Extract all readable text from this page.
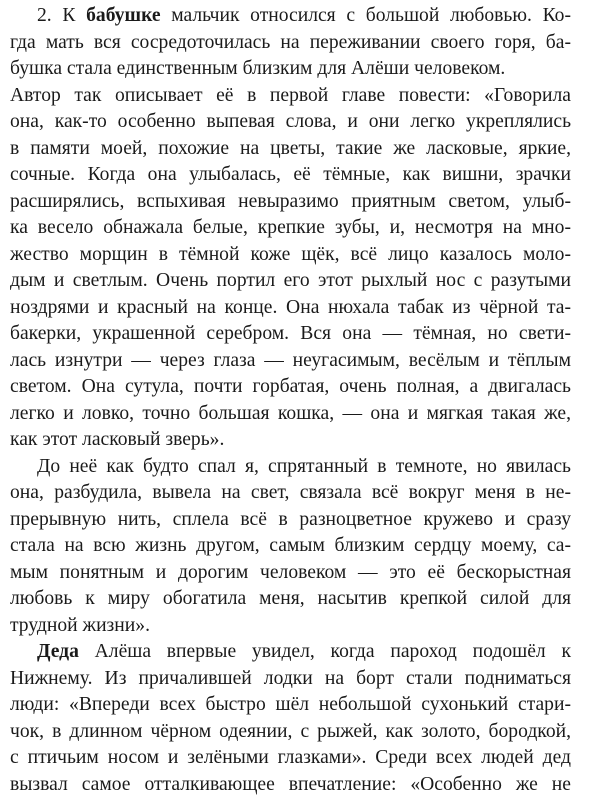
2. К бабушке мальчик относился с большой любовью. Ко-
гда мать вся сосредоточилась на переживании своего горя, ба-
бушка стала единственным близким для Алёши человеком.
Автор так описывает её в первой главе повести: «Говорила
она, как-то особенно выпевая слова, и они легко укреплялись
в памяти моей, похожие на цветы, такие же ласковые, яркие,
сочные. Когда она улыбалась, её тёмные, как вишни, зрачки
расширялись, вспыхивая невыразимо приятным светом, улыб-
ка весело обнажала белые, крепкие зубы, и, несмотря на мно-
жество морщин в тёмной коже щёк, всё лицо казалось моло-
дым и светлым. Очень портил его этот рыхлый нос с разутыми
ноздрями и красный на конце. Она нюхала табак из чёрной та-
бакерки, украшенной серебром. Вся она — тёмная, но свети-
лась изнутри — через глаза — неугасимым, весёлым и тёплым
светом. Она сутула, почти горбатая, очень полная, а двигалась
легко и ловко, точно большая кошка, — она и мягкая такая же,
как этот ласковый зверь».
До неё как будто спал я, спрятанный в темноте, но явилась
она, разбудила, вывела на свет, связала всё вокруг меня в не-
прерывную нить, сплела всё в разноцветное кружево и сразу
стала на всю жизнь другом, самым близким сердцу моему, са-
мым понятным и дорогим человеком — это её бескорыстная
любовь к миру обогатила меня, насытив крепкой силой для
трудной жизни».
Деда Алёша впервые увидел, когда пароход подошёл к
Нижнему. Из причалившей лодки на борт стали подниматься
люди: «Впереди всех быстро шёл небольшой сухонький стари-
чок, в длинном чёрном одеянии, с рыжей, как золото, бородкой,
с птичьим носом и зелёными глазками». Среди всех людей дед
вызвал самое отталкивающее впечатление: «Особенно же не
